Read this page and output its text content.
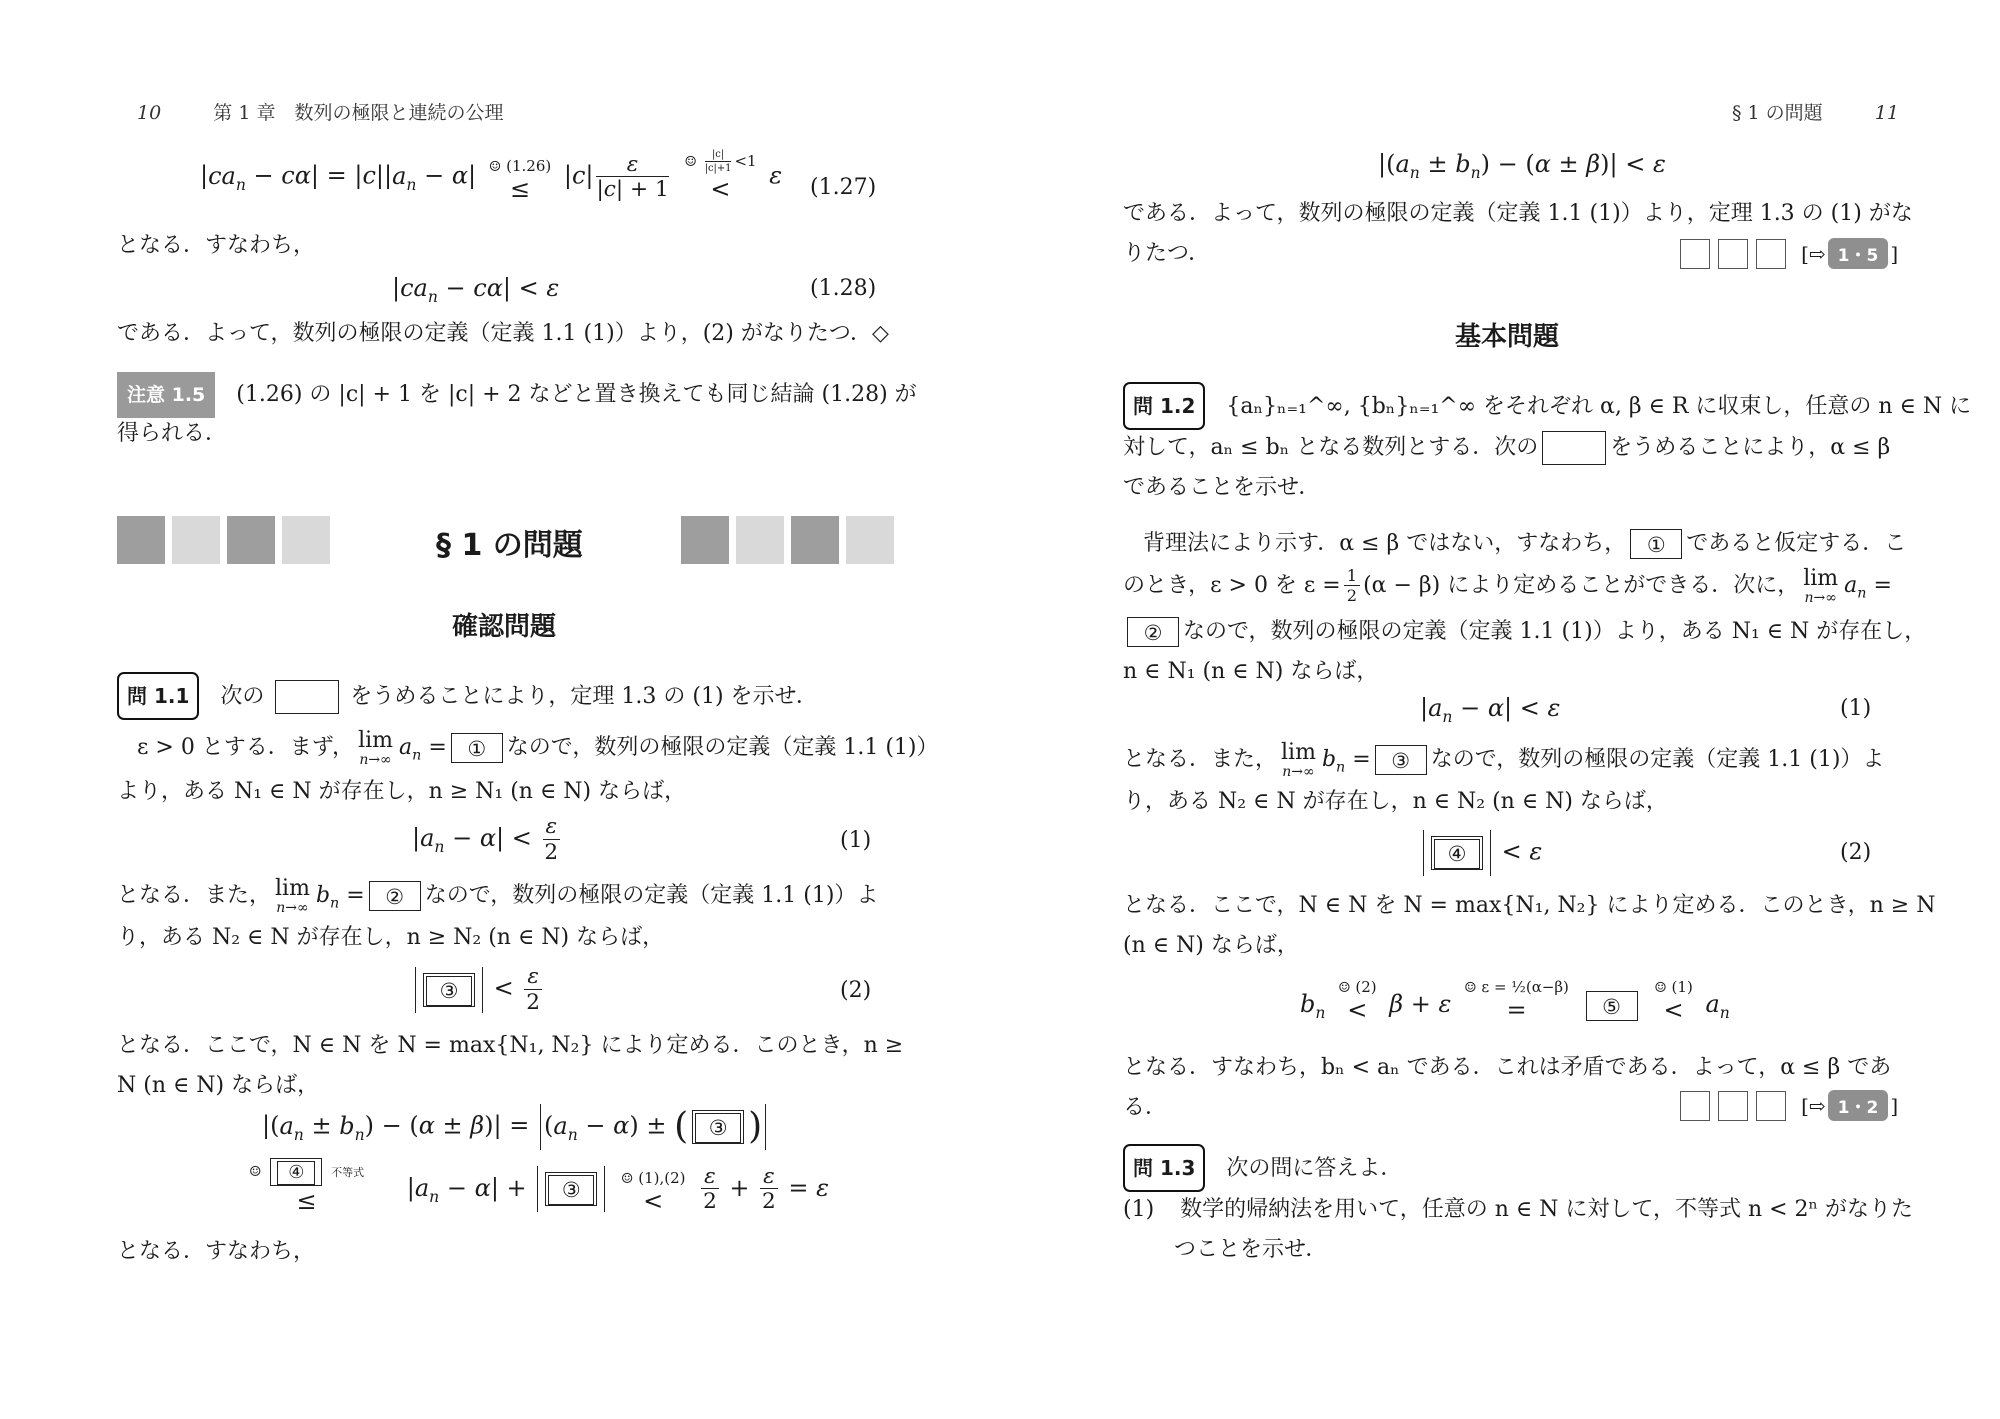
10	第 1 章　数列の極限と連続の公理
$|ca_n - c\alpha| = |c||a_n - \alpha|$ ☺ (1.26)
≤	$|c| \frac{\varepsilon}{|c| + 1}$
☺ $\frac{|c|}{|c|+1} <1$
<	ε (1.27)
となる．すなわち，
$|ca_n - c\alpha| < \varepsilon$	(1.28)
である．よって，数列の極限の定義（定義 1.1 (1)）より，(2) がなりたつ．◇
注意 1.5 (1.26) の |c| + 1 を |c| + 2 などと置き換えても同じ結論 (1.28) が
得られる．
§ 1 の問題
確認問題
問 1.1 次の	をうめることにより，定理 1.3 の (1) を示せ．
ε > 0 とする．まず， lim
n→∞ $a_n$ = ① なので，数列の極限の定義（定義 1.1 (1)）
より，ある N₁ ∈ N が存在し，n ≥ N₁ (n ∈ N) ならば，
$|a_n - \alpha| < \frac{\varepsilon}{2}$	(1)
となる．また， lim
n→∞ $b_n$ = ② なので，数列の極限の定義（定義 1.1 (1)）よ
り，ある N₂ ∈ N が存在し，n ≥ N₂ (n ∈ N) ならば，
③ < $\frac{\varepsilon}{2}$	(2)
となる．ここで，N ∈ N を N = max{N₁, N₂} により定める．このとき，n ≥
N (n ∈ N) ならば，
$|(a_n \pm b_n) - (\alpha \pm \beta)| = (a_n - \alpha)$ ± ( ③ )
☺ ④ 不等式
≤	$|a_n - \alpha|$ + ③	☺ (1),(2)
<
	$\frac{\varepsilon}{2} + \frac{\varepsilon}{2} = \varepsilon$
となる．すなわち，
§ 1 の問題	11
$|(a_n \pm b_n) - (\alpha \pm \beta)| < \varepsilon$
である．よって，数列の極限の定義（定義 1.1 (1)）より，定理 1.3 の (1) がな
りたつ．	[⇨ 1・5 ]
基本問題
問 1.2 {aₙ}ₙ₌₁^∞, {bₙ}ₙ₌₁^∞ をそれぞれ α, β ∈ R に収束し，任意の n ∈ N に
対して，aₙ ≤ bₙ となる数列とする．次の	をうめることにより，α ≤ β
であることを示せ．
背理法により示す．α ≤ β ではない，すなわち， ① であると仮定する．こ
のとき，ε > 0 を $\varepsilon = \frac{1}{2} (\alpha - \beta)$ により定めることができる．次に， lim
n→∞ $a_n$ =
② なので，数列の極限の定義（定義 1.1 (1)）より，ある N₁ ∈ N が存在し，
n ∈ N₁ (n ∈ N) ならば，
$|a_n - \alpha| < \varepsilon$	(1)
となる．また， lim
n→∞ $b_n$ = ③ なので，数列の極限の定義（定義 1.1 (1)）よ
り，ある N₂ ∈ N が存在し，n ∈ N₂ (n ∈ N) ならば，
④ < ε	(2)
となる．ここで，N ∈ N を N = max{N₁, N₂} により定める．このとき，n ≥ N
(n ∈ N) ならば，
$b_n$
☺ (2)
< β + ε
☺ ε = ½(α−β)
=	⑤
☺ (1)
< $a_n$
となる．すなわち，bₙ < aₙ である．これは矛盾である．よって，α ≤ β であ
る．	[⇨ 1・2 ]
問 1.3 次の問に答えよ．
(1) 数学的帰納法を用いて，任意の n ∈ N に対して，不等式 n < 2ⁿ がなりた
つことを示せ．
